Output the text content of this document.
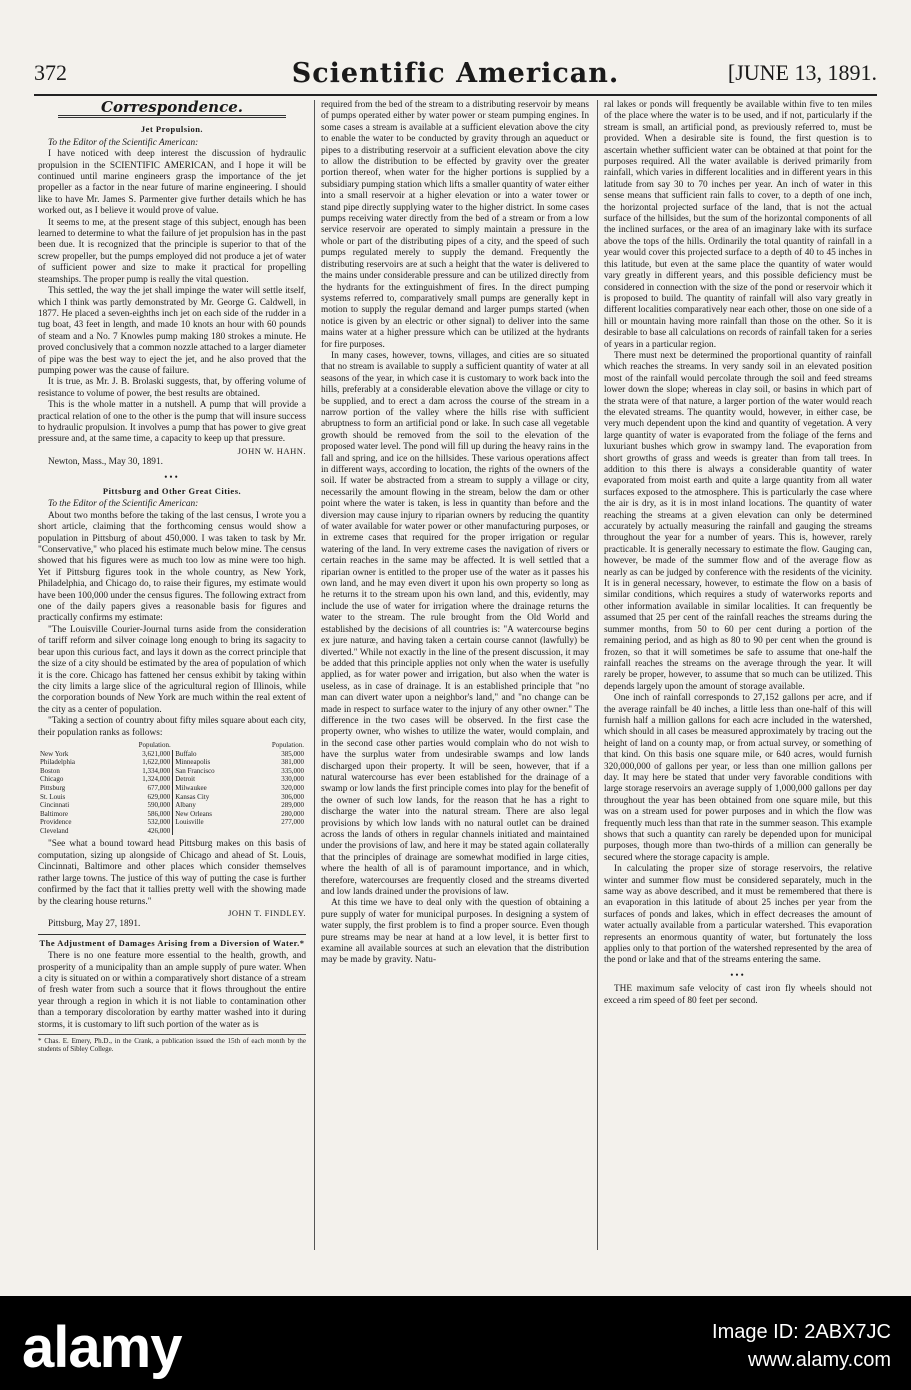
372	Scientific American.	[JUNE 13, 1891.
Correspondence.
Jet Propulsion.

To the Editor of the Scientific American:

I have noticed with deep interest the discussion of hydraulic propulsion in the SCIENTIFIC AMERICAN, and I hope it will be continued until marine engineers grasp the importance of the jet propeller as a factor in the near future of marine engineering. I should like to have Mr. James S. Parmenter give further details which he has worked out, as I believe it would prove of value.

It seems to me, at the present stage of this subject, enough has been learned to determine to what the failure of jet propulsion has in the past been due. It is recognized that the principle is superior to that of the screw propeller, but the pumps employed did not produce a jet of water of sufficient power and size to make it practical for propelling steamships. The proper pump is really the vital question.

This settled, the way the jet shall impinge the water will settle itself, which I think was partly demonstrated by Mr. George G. Caldwell, in 1877. He placed a seven-eighths inch jet on each side of the rudder in a tug boat, 43 feet in length, and made 10 knots an hour with 60 pounds of steam and a No. 7 Knowles pump making 180 strokes a minute. He proved conclusively that a common nozzle attached to a larger diameter of pipe was the best way to eject the jet, and he also proved that the pumping power was the cause of failure.

It is true, as Mr. J. B. Brolaski suggests, that, by offering volume of resistance to volume of power, the best results are obtained.

This is the whole matter in a nutshell. A pump that will provide a practical relation of one to the other is the pump that will insure success to hydraulic propulsion. It involves a pump that has power to give great pressure and, at the same time, a capacity to keep up that pressure.

JOHN W. HAHN.

Newton, Mass., May 30, 1891.

•••
Pittsburg and Other Great Cities.

To the Editor of the Scientific American:

About two months before the taking of the last census, I wrote you a short article, claiming that the forthcoming census would show a population in Pittsburg of about 450,000. I was taken to task by Mr. "Conservative," who placed his estimate much below mine. The census showed that his figures were as much too low as mine were too high. Yet if Pittsburg figures took in the whole country, as New York, Philadelphia, and Chicago do, to raise their figures, my estimate would have been 100,000 under the census figures. The following extract from one of the daily papers gives a reasonable basis for figures and practically confirms my estimate:

"The Louisville Courier-Journal turns aside from the consideration of tariff reform and silver coinage long enough to bring its sagacity to bear upon this curious fact, and lays it down as the correct principle that the size of a city should be estimated by the area of population of which it is the core. Chicago has fattened her census exhibit by taking within the city limits a large slice of the agricultural region of Illinois, while the corporation bounds of New York are much within the real extent of the city as a center of population.

"Taking a section of country about fifty miles square about each city, their population ranks as follows:

Population.		Population.	
New York	3,621,000	Buffalo	385,000
Philadelphia	1,622,000	Minneapolis	381,000
Boston	1,334,000	San Francisco	335,000
Chicago	1,324,000	Detroit	330,000
Pittsburg	677,000	Milwaukee	320,000
St. Louis	629,000	Kansas City	306,000
Cincinnati	590,000	Albany	289,000
Baltimore	586,000	New Orleans	280,000
Providence	532,000	Louisville	277,000
Cleveland	426,000		

"See what a bound toward head Pittsburg makes on this basis of computation, sizing up alongside of Chicago and ahead of St. Louis, Cincinnati, Baltimore and other places which consider themselves rather large towns. The justice of this way of putting the case is further confirmed by the fact that it tallies pretty well with the showing made by the clearing house returns."

JOHN T. FINDLEY.

Pittsburg, May 27, 1891.

The Adjustment of Damages Arising from a Diversion of Water.*

There is no one feature more essential to the health, growth, and prosperity of a municipality than an ample supply of pure water. When a city is situated on or within a comparatively short distance of a stream of fresh water from such a source that it flows throughout the entire year through a region in which it is not liable to contamination other than a temporary discoloration by earthy matter washed into it during storms, it is customary to lift such portion of the water as is

* Chas. E. Emery, Ph.D., in the Crank, a publication issued the 15th of each month by the students of Sibley College.

required from the bed of the stream to a distributing reservoir by means of pumps operated either by water power or steam pumping engines. In some cases a stream is available at a sufficient elevation above the city to enable the water to be conducted by gravity through an aqueduct or pipes to a distributing reservoir at a sufficient elevation above the city to allow the distribution to be effected by gravity over the greater portion thereof, when water for the higher portions is supplied by a subsidiary pumping station which lifts a smaller quantity of water either into a small reservoir at a higher elevation or into a water tower or stand pipe directly supplying water to the higher district. In some cases pumps receiving water directly from the bed of a stream or from a low service reservoir are operated to simply maintain a pressure in the whole or part of the distributing pipes of a city, and the speed of such pumps regulated merely to supply the demand. Frequently the distributing reservoirs are at such a height that the water is delivered to the mains under considerable pressure and can be utilized directly from the hydrants for the extinguishment of fires. In the direct pumping systems referred to, comparatively small pumps are generally kept in motion to supply the regular demand and larger pumps started (when notice is given by an electric or other signal) to deliver into the same mains water at a higher pressure which can be utilized at the hydrants for fire purposes.

In many cases, however, towns, villages, and cities are so situated that no stream is available to supply a sufficient quantity of water at all seasons of the year, in which case it is customary to work back into the hills, preferably at a considerable elevation above the village or city to be supplied, and to erect a dam across the course of the stream in a narrow portion of the valley where the hills rise with sufficient abruptness to form an artificial pond or lake. In such case all vegetable growth should be removed from the soil to the elevation of the proposed water level. The pond will fill up during the heavy rains in the fall and spring, and ice on the hillsides. These various operations affect in different ways, according to location, the rights of the owners of the soil. If water be abstracted from a stream to supply a village or city, necessarily the amount flowing in the stream, below the dam or other point where the water is taken, is less in quantity than before and the diversion may cause injury to riparian owners by reducing the quantity of water available for water power or other manufacturing purposes, or in extreme cases that required for the proper irrigation or regular watering of the land. In very extreme cases the navigation of rivers or certain reaches in the same may be affected. It is well settled that a riparian owner is entitled to the proper use of the water as it passes his own land, and he may even divert it upon his own property so long as he returns it to the stream upon his own land, and this, evidently, may include the use of water for irrigation where the drainage returns the water to the stream. The rule brought from the Old World and established by the decisions of all countries is: "A watercourse begins ex jure naturæ, and having taken a certain course cannot (lawfully) be diverted." While not exactly in the line of the present discussion, it may be added that this principle applies not only when the water is usefully applied, as for water power and irrigation, but also when the water is useless, as in case of drainage. It is an established principle that "no man can divert water upon a neighbor's land," and "no change can be made in respect to surface water to the injury of any other owner." The difference in the two cases will be observed. In the first case the property owner, who wishes to utilize the water, would complain, and in the second case other parties would complain who do not wish to have the surplus water from undesirable swamps and low lands discharged upon their property. It will be seen, however, that if a natural watercourse has ever been established for the drainage of a swamp or low lands the first principle comes into play for the benefit of the owner of such low lands, for the reason that he has a right to discharge the water into the natural stream. There are also legal provisions by which low lands with no natural outlet can be drained across the lands of others in regular channels initiated and maintained under the provisions of law, and here it may be stated again collaterally that the principles of drainage are somewhat modified in large cities, where the health of all is of paramount importance, and in which, therefore, watercourses are frequently closed and the streams diverted and low lands drained under the provisions of law.

At this time we have to deal only with the question of obtaining a pure supply of water for municipal purposes. In designing a system of water supply, the first problem is to find a proper source. Even though pure streams may be near at hand at a low level, it is better first to examine all available sources at such an elevation that the distribution may be made by gravity. Natu-

ral lakes or ponds will frequently be available within five to ten miles of the place where the water is to be used, and if not, particularly if the stream is small, an artificial pond, as previously referred to, must be provided. When a desirable site is found, the first question is to ascertain whether sufficient water can be obtained at that point for the purposes required. All the water available is derived primarily from rainfall, which varies in different localities and in different years in this latitude from say 30 to 70 inches per year. An inch of water in this sense means that sufficient rain falls to cover, to a depth of one inch, the horizontal projected surface of the land, that is not the actual surface of the hillsides, but the sum of the horizontal components of all the inclined surfaces, or the area of an imaginary lake with its surface above the tops of the hills. Ordinarily the total quantity of rainfall in a year would cover this projected surface to a depth of 40 to 45 inches in this latitude, but even at the same place the quantity of water would vary greatly in different years, and this possible deficiency must be considered in connection with the size of the pond or reservoir which it is proposed to build. The quantity of rainfall will also vary greatly in different localities comparatively near each other, those on one side of a hill or mountain having more rainfall than those on the other. So it is desirable to base all calculations on records of rainfall taken for a series of years in a particular region.

There must next be determined the proportional quantity of rainfall which reaches the streams. In very sandy soil in an elevated position most of the rainfall would percolate through the soil and feed streams lower down the slope; whereas in clay soil, or basins in which part of the strata were of that nature, a larger portion of the water would reach the elevated streams. The quantity would, however, in either case, be very much dependent upon the kind and quantity of vegetation. A very large quantity of water is evaporated from the foliage of the ferns and luxuriant bushes which grow in swampy land. The evaporation from short growths of grass and weeds is greater than from tall trees. In addition to this there is always a considerable quantity of water evaporated from moist earth and quite a large quantity from all water surfaces exposed to the atmosphere. This is particularly the case where the air is dry, as it is in most inland locations. The quantity of water reaching the streams at a given elevation can only be determined accurately by actually measuring the rainfall and gauging the streams throughout the year for a number of years. This is, however, rarely practicable. It is generally necessary to estimate the flow. Gauging can, however, be made of the summer flow and of the average flow as nearly as can be judged by conference with the residents of the vicinity. It is in general necessary, however, to estimate the flow on a basis of similar conditions, which requires a study of waterworks reports and other information available in similar localities. It can frequently be assumed that 25 per cent of the rainfall reaches the streams during the summer months, from 50 to 60 per cent during a portion of the remaining period, and as high as 80 to 90 per cent when the ground is frozen, so that it will sometimes be safe to assume that one-half the rainfall reaches the streams on the average through the year. It will rarely be proper, however, to assume that so much can be utilized. This depends largely upon the amount of storage available.

One inch of rainfall corresponds to 27,152 gallons per acre, and if the average rainfall be 40 inches, a little less than one-half of this will furnish half a million gallons for each acre included in the watershed, which should in all cases be measured approximately by tracing out the height of land on a county map, or from actual survey, or something of that kind. On this basis one square mile, or 640 acres, would furnish 320,000,000 of gallons per year, or less than one million gallons per day. It may here be stated that under very favorable conditions with large storage reservoirs an average supply of 1,000,000 gallons per day throughout the year has been obtained from one square mile, but this was on a stream used for power purposes and in which the flow was frequently much less than that rate in the summer season. This example shows that such a quantity can rarely be depended upon for municipal purposes, though more than two-thirds of a million can generally be secured where the storage capacity is ample.

In calculating the proper size of storage reservoirs, the relative winter and summer flow must be considered separately, much in the same way as above described, and it must be remembered that there is an evaporation in this latitude of about 25 inches per year from the surfaces of ponds and lakes, which in effect decreases the amount of water actually available from a particular watershed. This evaporation represents an enormous quantity of water, but fortunately the loss applies only to that portion of the watershed represented by the area of the pond or lake and that of the streams entering the same.

•••

THE maximum safe velocity of cast iron fly wheels should not exceed a rim speed of 80 feet per second.

alamy	Image ID: 2ABX7JC
www.alamy.com
